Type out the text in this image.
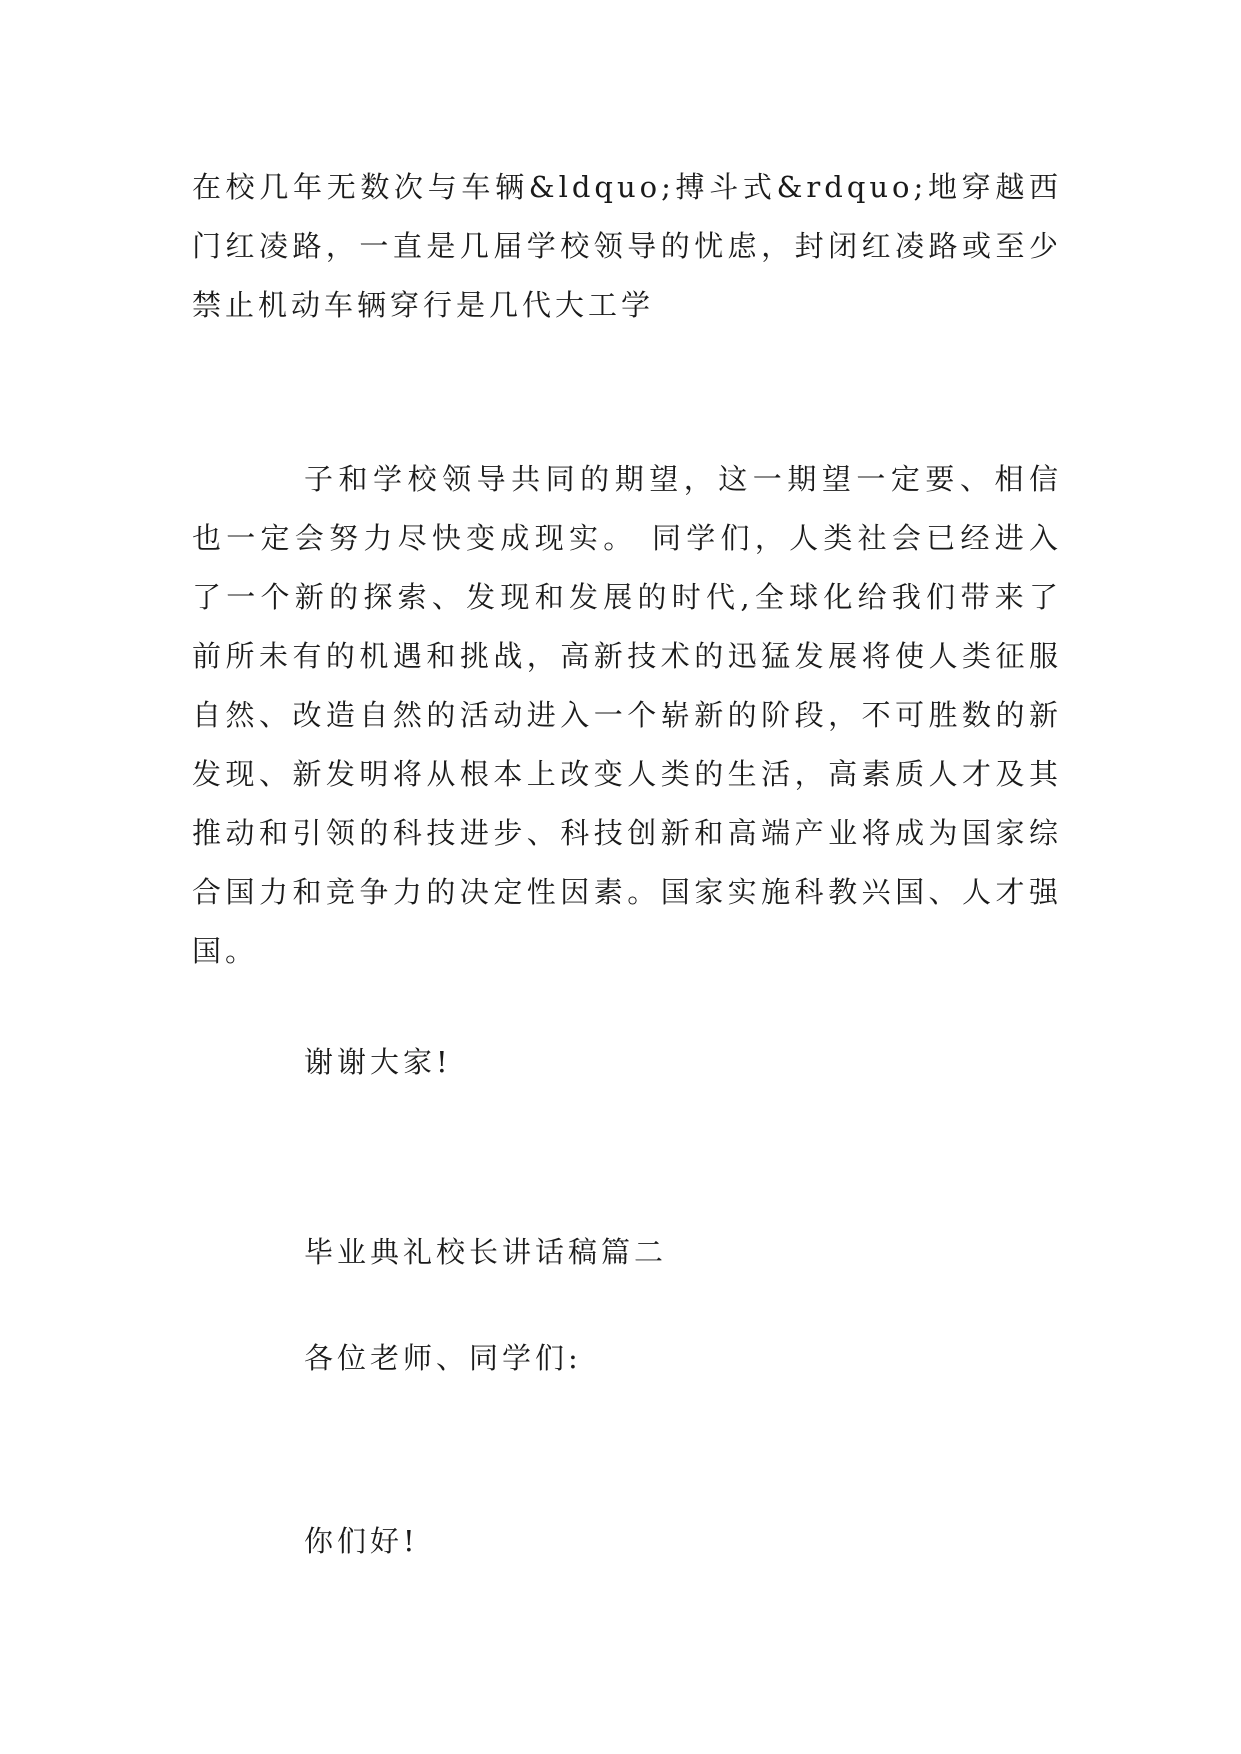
在校几年无数次与车辆&ldquo;搏斗式&rdquo;地穿越西门红凌路，一直是几届学校领导的忧虑，封闭红凌路或至少禁止机动车辆穿行是几代大工学

子和学校领导共同的期望，这一期望一定要、相信也一定会努力尽快变成现实。 同学们，人类社会已经进入了一个新的探索、发现和发展的时代,全球化给我们带来了前所未有的机遇和挑战，高新技术的迅猛发展将使人类征服自然、改造自然的活动进入一个崭新的阶段，不可胜数的新发现、新发明将从根本上改变人类的生活，高素质人才及其推动和引领的科技进步、科技创新和高端产业将成为国家综合国力和竞争力的决定性因素。国家实施科教兴国、人才强国。

谢谢大家!

毕业典礼校长讲话稿篇二

各位老师、同学们:

你们好!
